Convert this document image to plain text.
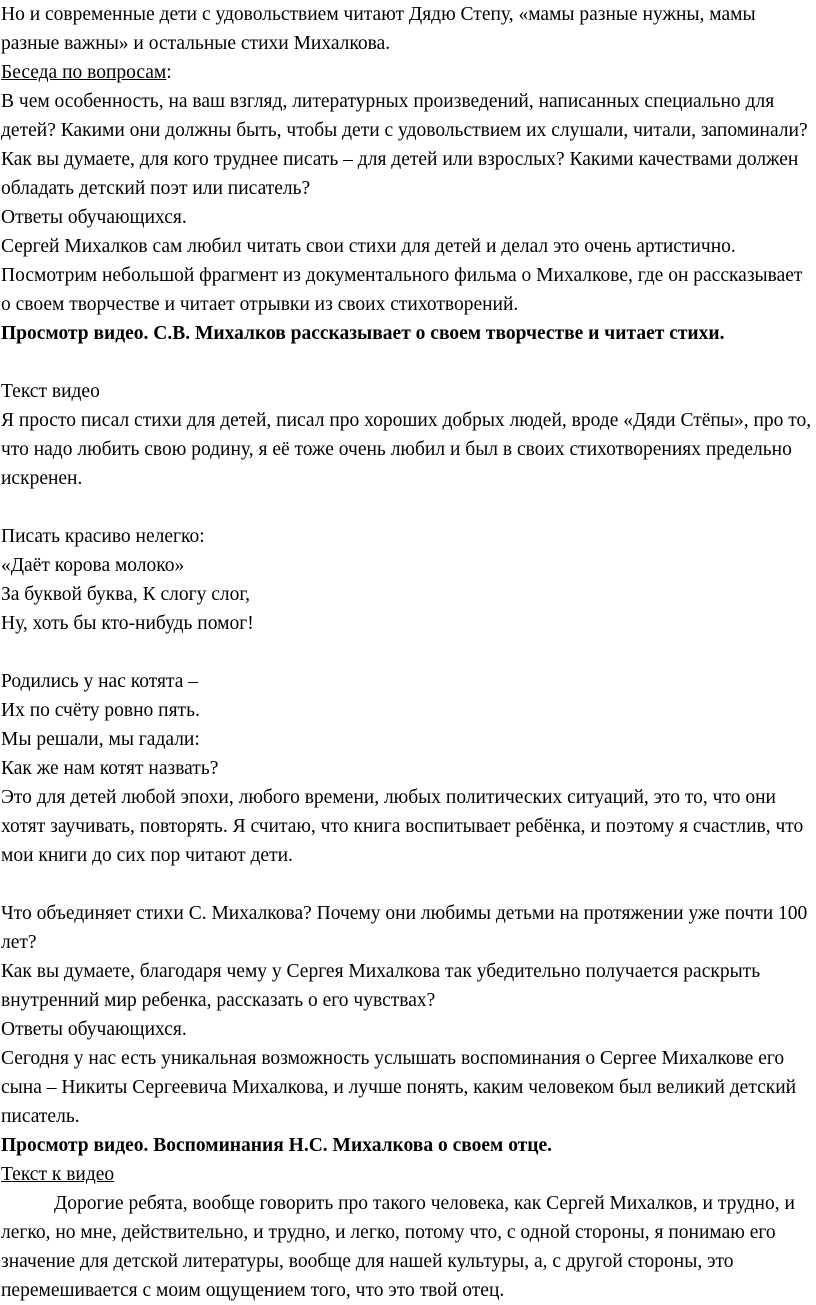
Но и современные дети с удовольствием читают Дядю Степу, «мамы разные нужны, мамы разные важны» и остальные стихи Михалкова.

Беседа по вопросам:

В чем особенность, на ваш взгляд, литературных произведений, написанных специально для детей? Какими они должны быть, чтобы дети с удовольствием их слушали, читали, запоминали?

Как вы думаете, для кого труднее писать – для детей или взрослых? Какими качествами должен обладать детский поэт или писатель?

Ответы обучающихся.

Сергей Михалков сам любил читать свои стихи для детей и делал это очень артистично. Посмотрим небольшой фрагмент из документального фильма о Михалкове, где он рассказывает о своем творчестве и читает отрывки из своих стихотворений.

Просмотр видео. С.В. Михалков рассказывает о своем творчестве и читает стихи.

Текст видео

Я просто писал стихи для детей, писал про хороших добрых людей, вроде «Дяди Стёпы», про то, что надо любить свою родину, я её тоже очень любил и был в своих стихотворениях предельно искренен.

Писать красиво нелегко:

«Даёт корова молоко»

За буквой буква, К слогу слог,

Ну, хоть бы кто-нибудь помог!

Родились у нас котята –

Их по счёту ровно пять.

Мы решали, мы гадали:

Как же нам котят назвать?

Это для детей любой эпохи, любого времени, любых политических ситуаций, это то, что они хотят заучивать, повторять. Я считаю, что книга воспитывает ребёнка, и поэтому я счастлив, что мои книги до сих пор читают дети.

Что объединяет стихи С. Михалкова? Почему они любимы детьми на протяжении уже почти 100 лет?

Как вы думаете, благодаря чему у Сергея Михалкова так убедительно получается раскрыть внутренний мир ребенка, рассказать о его чувствах?

Ответы обучающихся.

Сегодня у нас есть уникальная возможность услышать воспоминания о Сергее Михалкове его сына – Никиты Сергеевича Михалкова, и лучше понять, каким человеком был великий детский писатель.

Просмотр видео. Воспоминания Н.С. Михалкова о своем отце.

Текст к видео

Дорогие ребята, вообще говорить про такого человека, как Сергей Михалков, и трудно, и легко, но мне, действительно, и трудно, и легко, потому что, с одной стороны, я понимаю его значение для детской литературы, вообще для нашей культуры, а, с другой стороны, это перемешивается с моим ощущением того, что это твой отец.
